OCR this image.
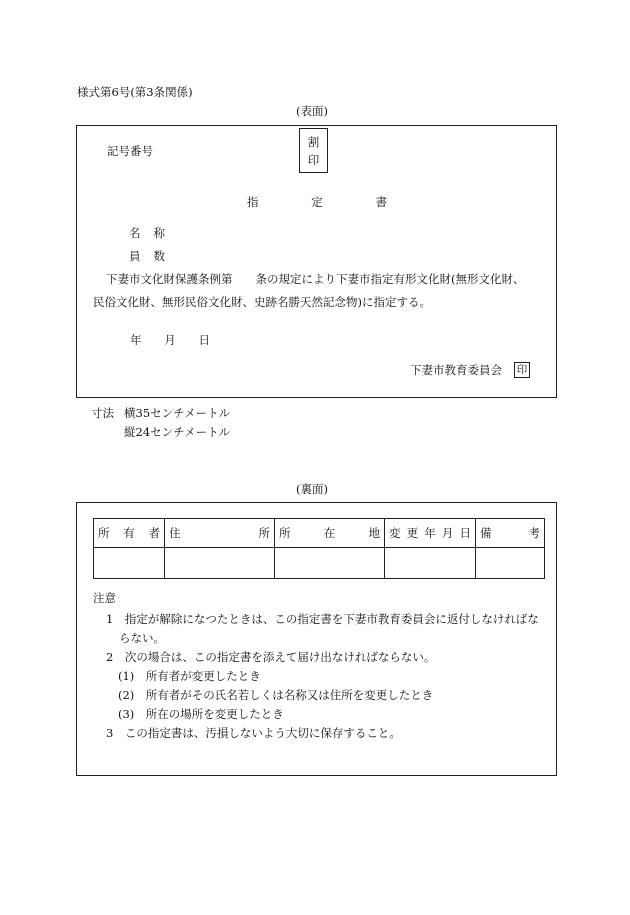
様式第6号(第3条関係)
(表面)
記号番号
割
印
指	定	書
名 称
員 数
下妻市文化財保護条例第　　条の規定により下妻市指定有形文化財(無形文化財、
民俗文化財、無形民俗文化財、史跡名勝天然記念物)に指定する。
年 月 日
下妻市教育委員会 印
寸法 横35センチメートル
縦24センチメートル
(裏面)
所 有 者	住 所	所 在 地	変 更 年 月 日	備 考

注意
1　指定が解除になつたときは、この指定書を下妻市教育委員会に返付しなければな
らない。
2　次の場合は、この指定書を添えて届け出なければならない。
(1)　所有者が変更したとき
(2)　所有者がその氏名若しくは名称又は住所を変更したとき
(3)　所在の場所を変更したとき
3　この指定書は、汚損しないよう大切に保存すること。
